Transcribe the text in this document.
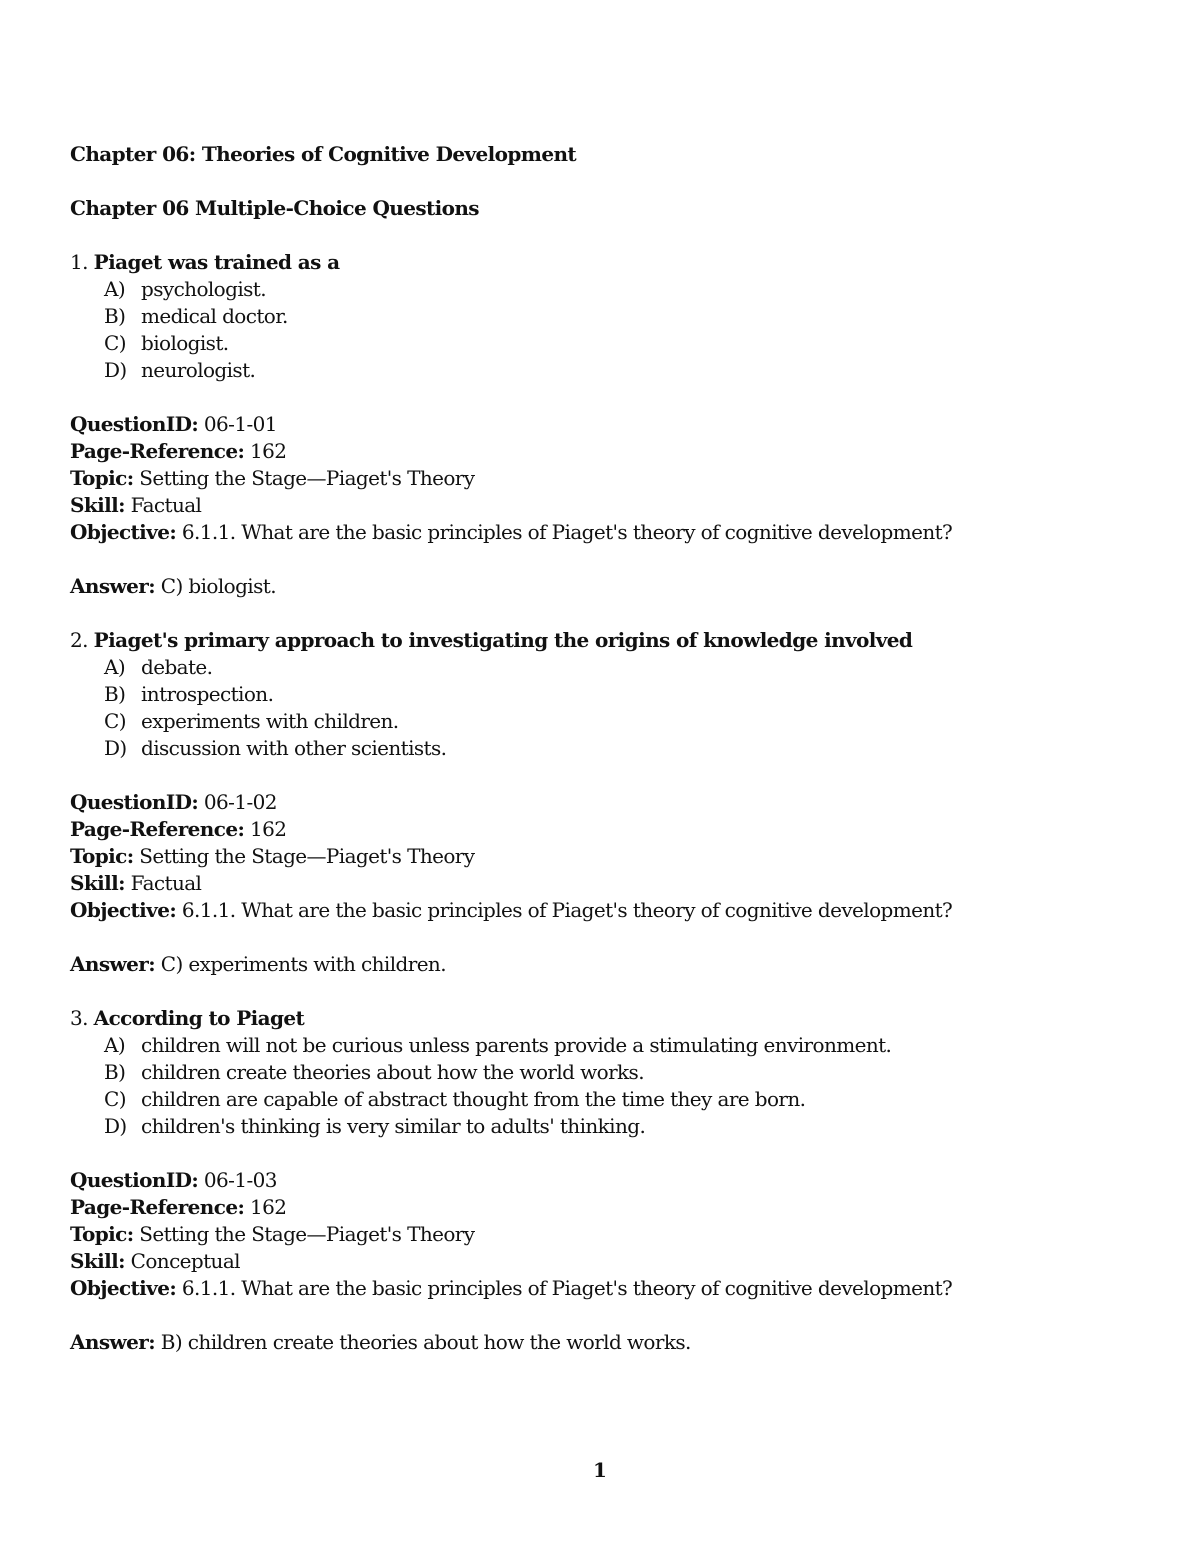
Chapter 06: Theories of Cognitive Development

Chapter 06 Multiple-Choice Questions

1. Piaget was trained as a

A) psychologist.
B) medical doctor.
C) biologist.
D) neurologist.

QuestionID: 06-1-01

Page-Reference: 162

Topic: Setting the Stage—Piaget's Theory

Skill: Factual

Objective: 6.1.1. What are the basic principles of Piaget's theory of cognitive development?

Answer: C) biologist.

2. Piaget's primary approach to investigating the origins of knowledge involved

A) debate.
B) introspection.
C) experiments with children.
D) discussion with other scientists.

QuestionID: 06-1-02

Page-Reference: 162

Topic: Setting the Stage—Piaget's Theory

Skill: Factual

Objective: 6.1.1. What are the basic principles of Piaget's theory of cognitive development?

Answer: C) experiments with children.

3. According to Piaget

A) children will not be curious unless parents provide a stimulating environment.
B) children create theories about how the world works.
C) children are capable of abstract thought from the time they are born.
D) children's thinking is very similar to adults' thinking.

QuestionID: 06-1-03

Page-Reference: 162

Topic: Setting the Stage—Piaget's Theory

Skill: Conceptual

Objective: 6.1.1. What are the basic principles of Piaget's theory of cognitive development?

Answer: B) children create theories about how the world works.

1
